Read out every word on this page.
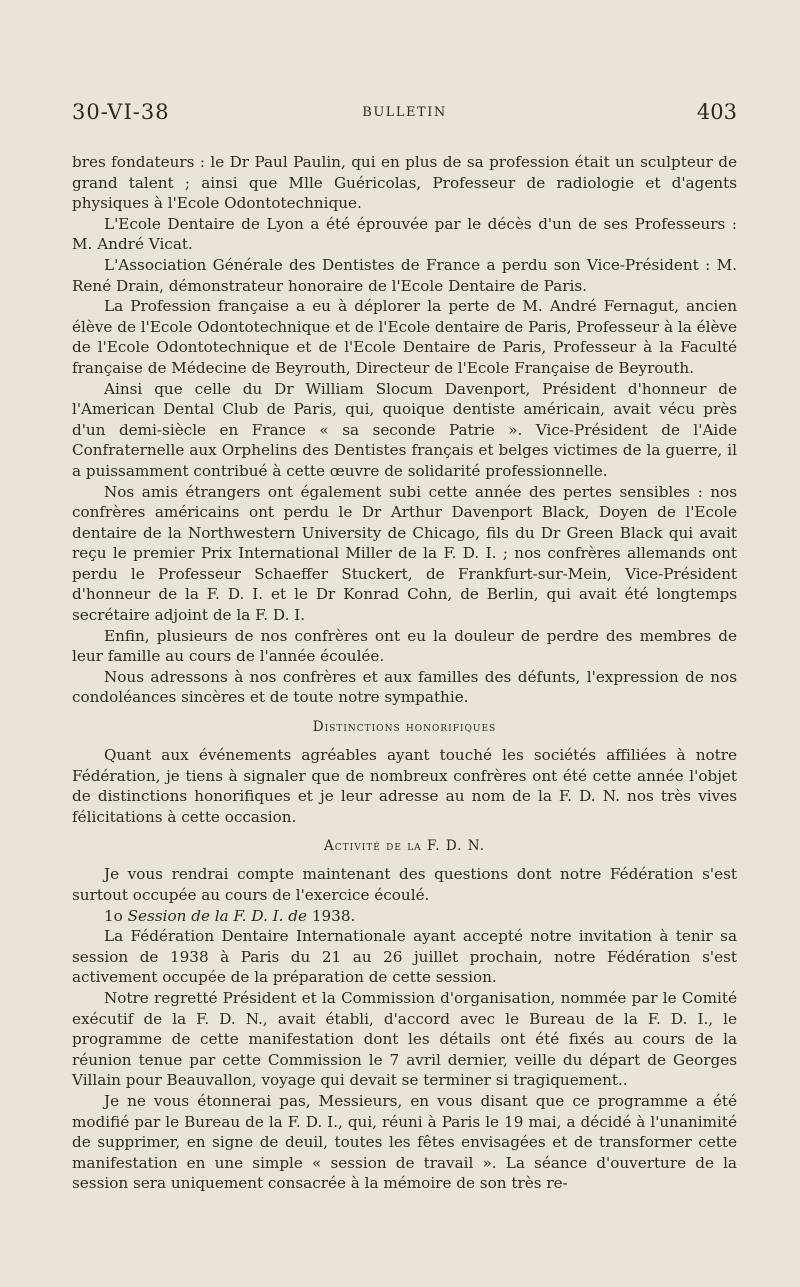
30-VI-38	BULLETIN	403

bres fondateurs : le Dr Paul Paulin, qui en plus de sa profession était un sculpteur de grand talent ; ainsi que Mlle Guéricolas, Professeur de radiologie et d'agents physiques à l'Ecole Odontotechnique.

L'Ecole Dentaire de Lyon a été éprouvée par le décès d'un de ses Professeurs : M. André Vicat.

L'Association Générale des Dentistes de France a perdu son Vice-Président : M. René Drain, démonstrateur honoraire de l'Ecole Dentaire de Paris.

La Profession française a eu à déplorer la perte de M. André Fernagut, ancien élève de l'Ecole Odontotechnique et de l'Ecole dentaire de Paris, Professeur à la élève de l'Ecole Odontotechnique et de l'Ecole Dentaire de Paris, Professeur à la Faculté française de Médecine de Beyrouth, Directeur de l'Ecole Française de Beyrouth.

Ainsi que celle du Dr William Slocum Davenport, Président d'honneur de l'American Dental Club de Paris, qui, quoique dentiste américain, avait vécu près d'un demi-siècle en France « sa seconde Patrie ». Vice-Président de l'Aide Confraternelle aux Orphelins des Dentistes français et belges victimes de la guerre, il a puissamment contribué à cette œuvre de solidarité professionnelle.

Nos amis étrangers ont également subi cette année des pertes sensibles : nos confrères américains ont perdu le Dr Arthur Davenport Black, Doyen de l'Ecole dentaire de la Northwestern University de Chicago, fils du Dr Green Black qui avait reçu le premier Prix International Miller de la F. D. I. ; nos confrères allemands ont perdu le Professeur Schaeffer Stuckert, de Frankfurt-sur-Mein, Vice-Président d'honneur de la F. D. I. et le Dr Konrad Cohn, de Berlin, qui avait été longtemps secrétaire adjoint de la F. D. I.

Enfin, plusieurs de nos confrères ont eu la douleur de perdre des membres de leur famille au cours de l'année écoulée.

Nous adressons à nos confrères et aux familles des défunts, l'expression de nos condoléances sincères et de toute notre sympathie.

Distinctions honorifiques

Quant aux événements agréables ayant touché les sociétés affiliées à notre Fédération, je tiens à signaler que de nombreux confrères ont été cette année l'objet de distinctions honorifiques et je leur adresse au nom de la F. D. N. nos très vives félicitations à cette occasion.

Activité de la F. D. N.

Je vous rendrai compte maintenant des questions dont notre Fédération s'est surtout occupée au cours de l'exercice écoulé.

1o Session de la F. D. I. de 1938.

La Fédération Dentaire Internationale ayant accepté notre invitation à tenir sa session de 1938 à Paris du 21 au 26 juillet prochain, notre Fédération s'est activement occupée de la préparation de cette session.

Notre regretté Président et la Commission d'organisation, nommée par le Comité exécutif de la F. D. N., avait établi, d'accord avec le Bureau de la F. D. I., le programme de cette manifestation dont les détails ont été fixés au cours de la réunion tenue par cette Commission le 7 avril dernier, veille du départ de Georges Villain pour Beauvallon, voyage qui devait se terminer si tragiquement..

Je ne vous étonnerai pas, Messieurs, en vous disant que ce programme a été modifié par le Bureau de la F. D. I., qui, réuni à Paris le 19 mai, a décidé à l'unanimité de supprimer, en signe de deuil, toutes les fêtes envisagées et de transformer cette manifestation en une simple « session de travail ». La séance d'ouverture de la session sera uniquement consacrée à la mémoire de son très re-
